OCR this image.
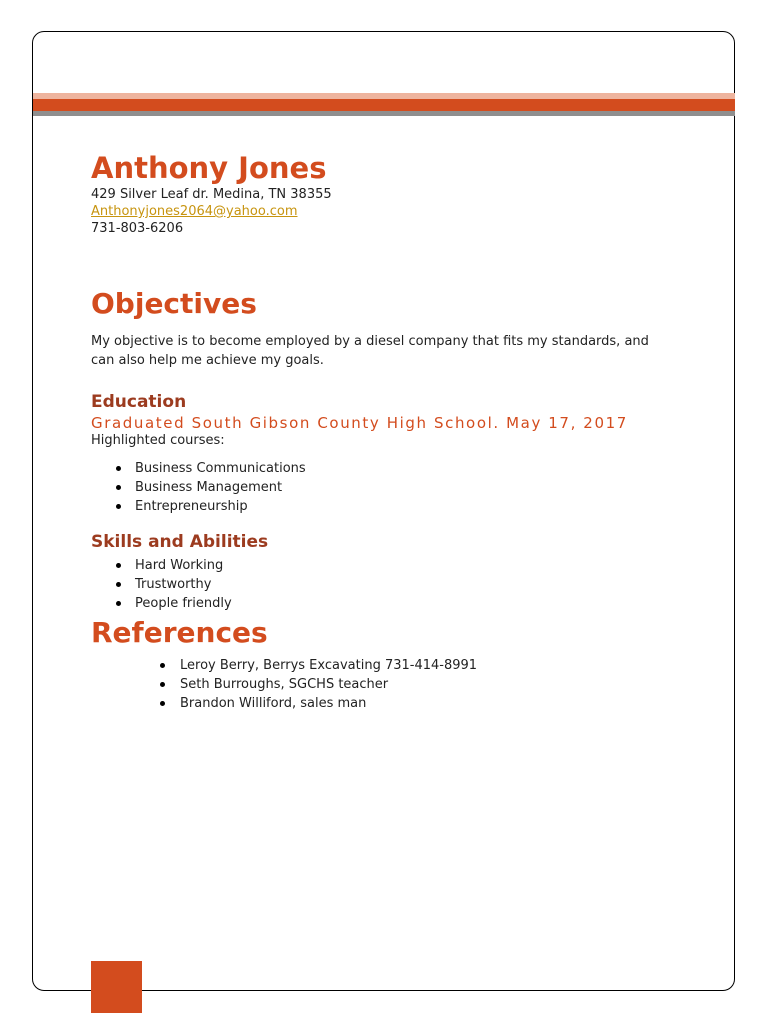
Anthony Jones

429 Silver Leaf dr. Medina, TN 38355

Anthonyjones2064@yahoo.com

731-803-6206

Objectives

My objective is to become employed by a diesel company that fits my standards, and can also help me achieve my goals.

Education

Graduated South Gibson County High School. May 17, 2017

Highlighted courses:

Business Communications
Business Management
Entrepreneurship
Skills and Abilities
Hard Working
Trustworthy
People friendly
References
Leroy Berry, Berrys Excavating 731-414-8991
Seth Burroughs, SGCHS teacher
Brandon Williford, sales man
